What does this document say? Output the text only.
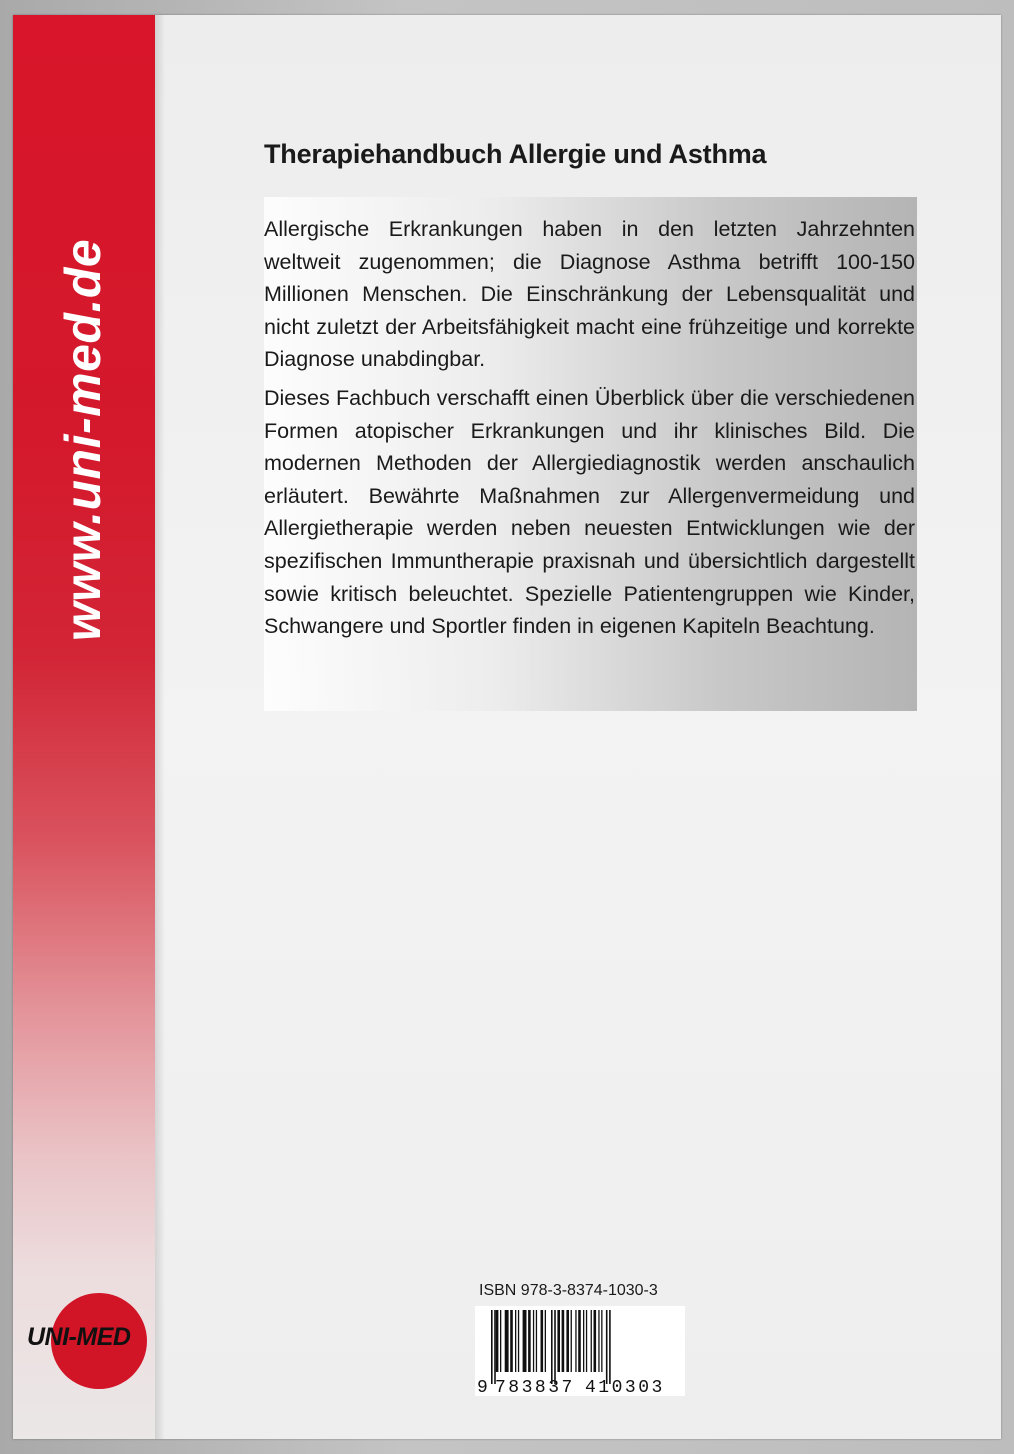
www.uni-med.de
UNI-MED
Therapiehandbuch Allergie und Asthma

Allergische Erkrankungen haben in den letzten Jahrzehnten weltweit zugenommen; die Diagnose Asthma betrifft 100-150 Millionen Menschen. Die Einschränkung der Lebensqualität und nicht zuletzt der Arbeitsfähigkeit macht eine frühzeitige und korrekte Diagnose unabdingbar.

Dieses Fachbuch verschafft einen Überblick über die verschiedenen Formen atopischer Erkrankungen und ihr klinisches Bild. Die modernen Methoden der Allergiediagnostik werden anschaulich erläutert. Bewährte Maßnahmen zur Allergenvermeidung und Allergietherapie werden neben neuesten Entwicklungen wie der spezifischen Immuntherapie praxisnah und übersichtlich dargestellt sowie kritisch beleuchtet. Spezielle Patientengruppen wie Kinder, Schwangere und Sportler finden in eigenen Kapiteln Beachtung.

ISBN 978-3-8374-1030-3
9 783837 410303
